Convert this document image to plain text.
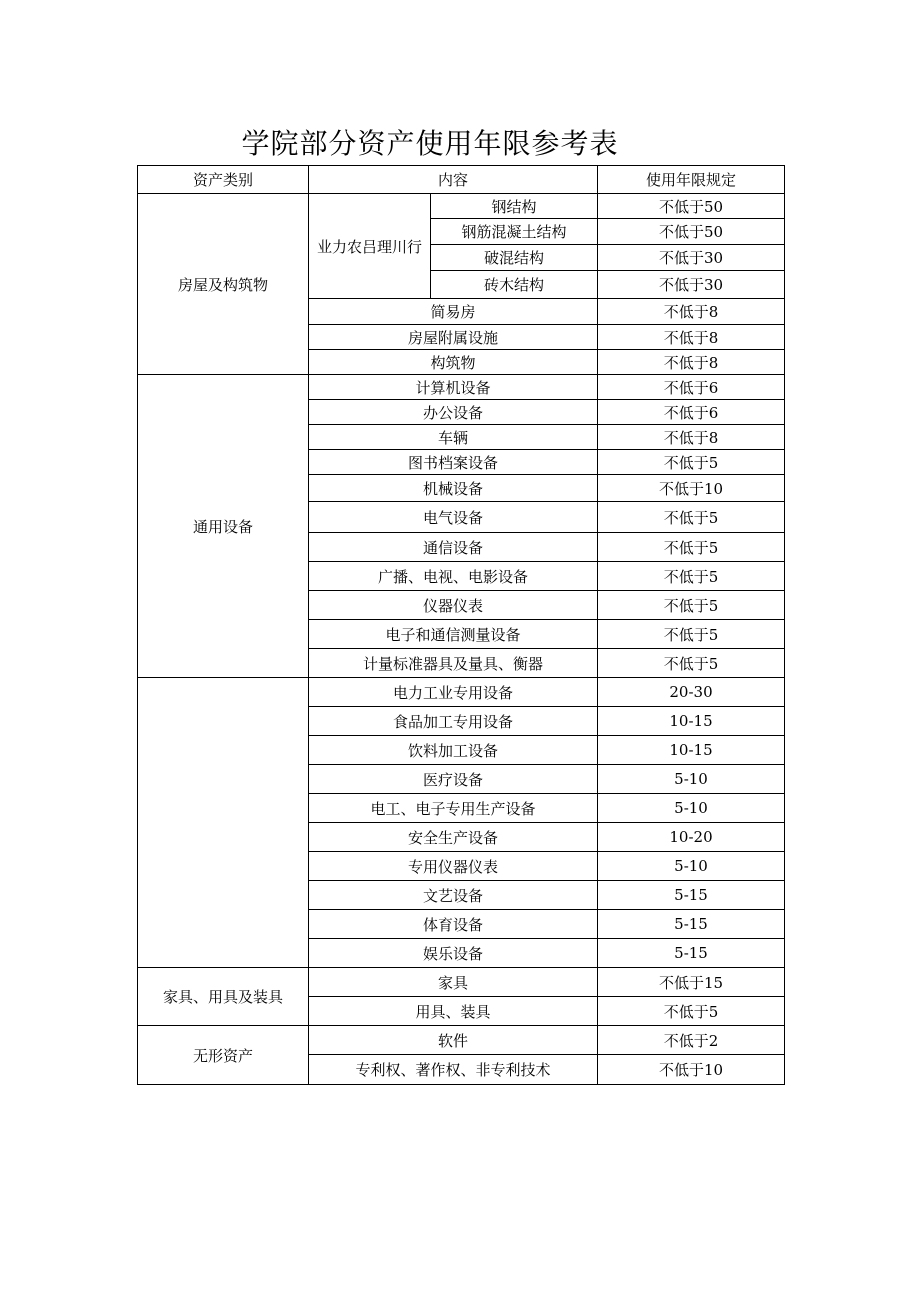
学院部分资产使用年限参考表
资产类别	内容		使用年限规定
房屋及构筑物	业力农吕理川行	钢结构	不低于50
		钢筋混凝土结构	不低于50
		破混结构	不低于30
		砖木结构	不低于30
	简易房		不低于8
	房屋附属设施		不低于8
	构筑物		不低于8
通用设备	计算机设备		不低于6
	办公设备		不低于6
	车辆		不低于8
	图书档案设备		不低于5
	机械设备		不低于10
	电气设备		不低于5
	通信设备		不低于5
	广播、电视、电影设备		不低于5
	仪器仪表		不低于5
	电子和通信测量设备		不低于5
	计量标准器具及量具、衡器		不低于5
	电力工业专用设备		20-30
	食品加工专用设备		10-15
	饮料加工设备		10-15
	医疗设备		5-10
	电工、电子专用生产设备		5-10
	安全生产设备		10-20
	专用仪器仪表		5-10
	文艺设备		5-15
	体育设备		5-15
	娱乐设备		5-15
家具、用具及装具	家具		不低于15
	用具、装具		不低于5
无形资产	软件		不低于2
	专利权、著作权、非专利技术		不低于10
